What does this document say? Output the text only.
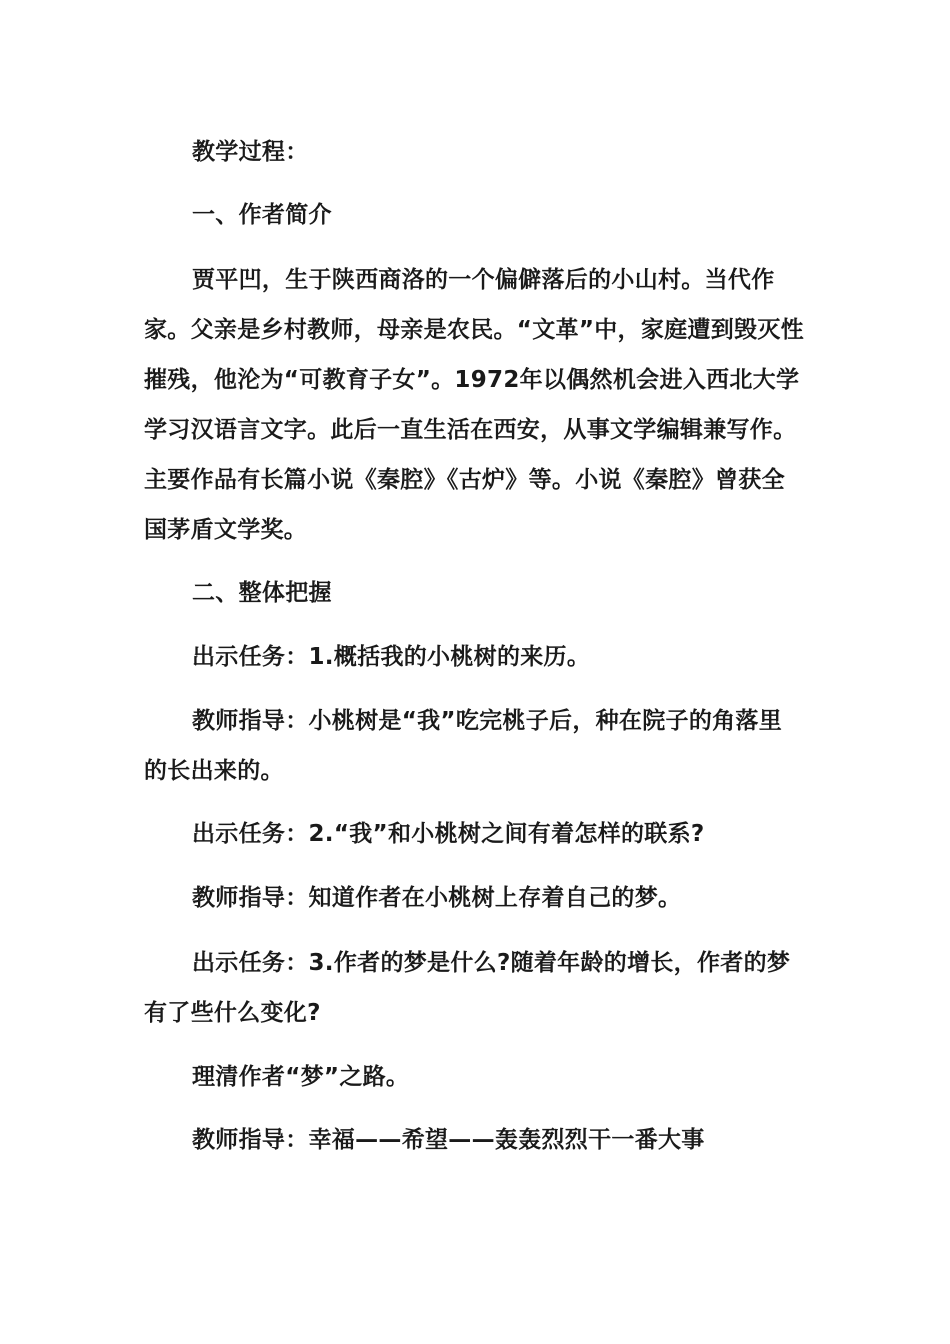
教学过程：

一、作者简介

贾平凹，生于陕西商洛的一个偏僻落后的小山村。当代作家。父亲是乡村教师，母亲是农民。“文革”中，家庭遭到毁灭性摧残，他沦为“可教育子女”。1972年以偶然机会进入西北大学学习汉语言文字。此后一直生活在西安，从事文学编辑兼写作。主要作品有长篇小说《秦腔》《古炉》等。小说《秦腔》曾获全国茅盾文学奖。

二、整体把握

出示任务：1.概括我的小桃树的来历。

教师指导：小桃树是“我”吃完桃子后，种在院子的角落里的长出来的。

出示任务：2.“我”和小桃树之间有着怎样的联系?

教师指导：知道作者在小桃树上存着自己的梦。

出示任务：3.作者的梦是什么?随着年龄的增长，作者的梦有了些什么变化?

理清作者“梦”之路。

教师指导：幸福——希望——轰轰烈烈干一番大事
